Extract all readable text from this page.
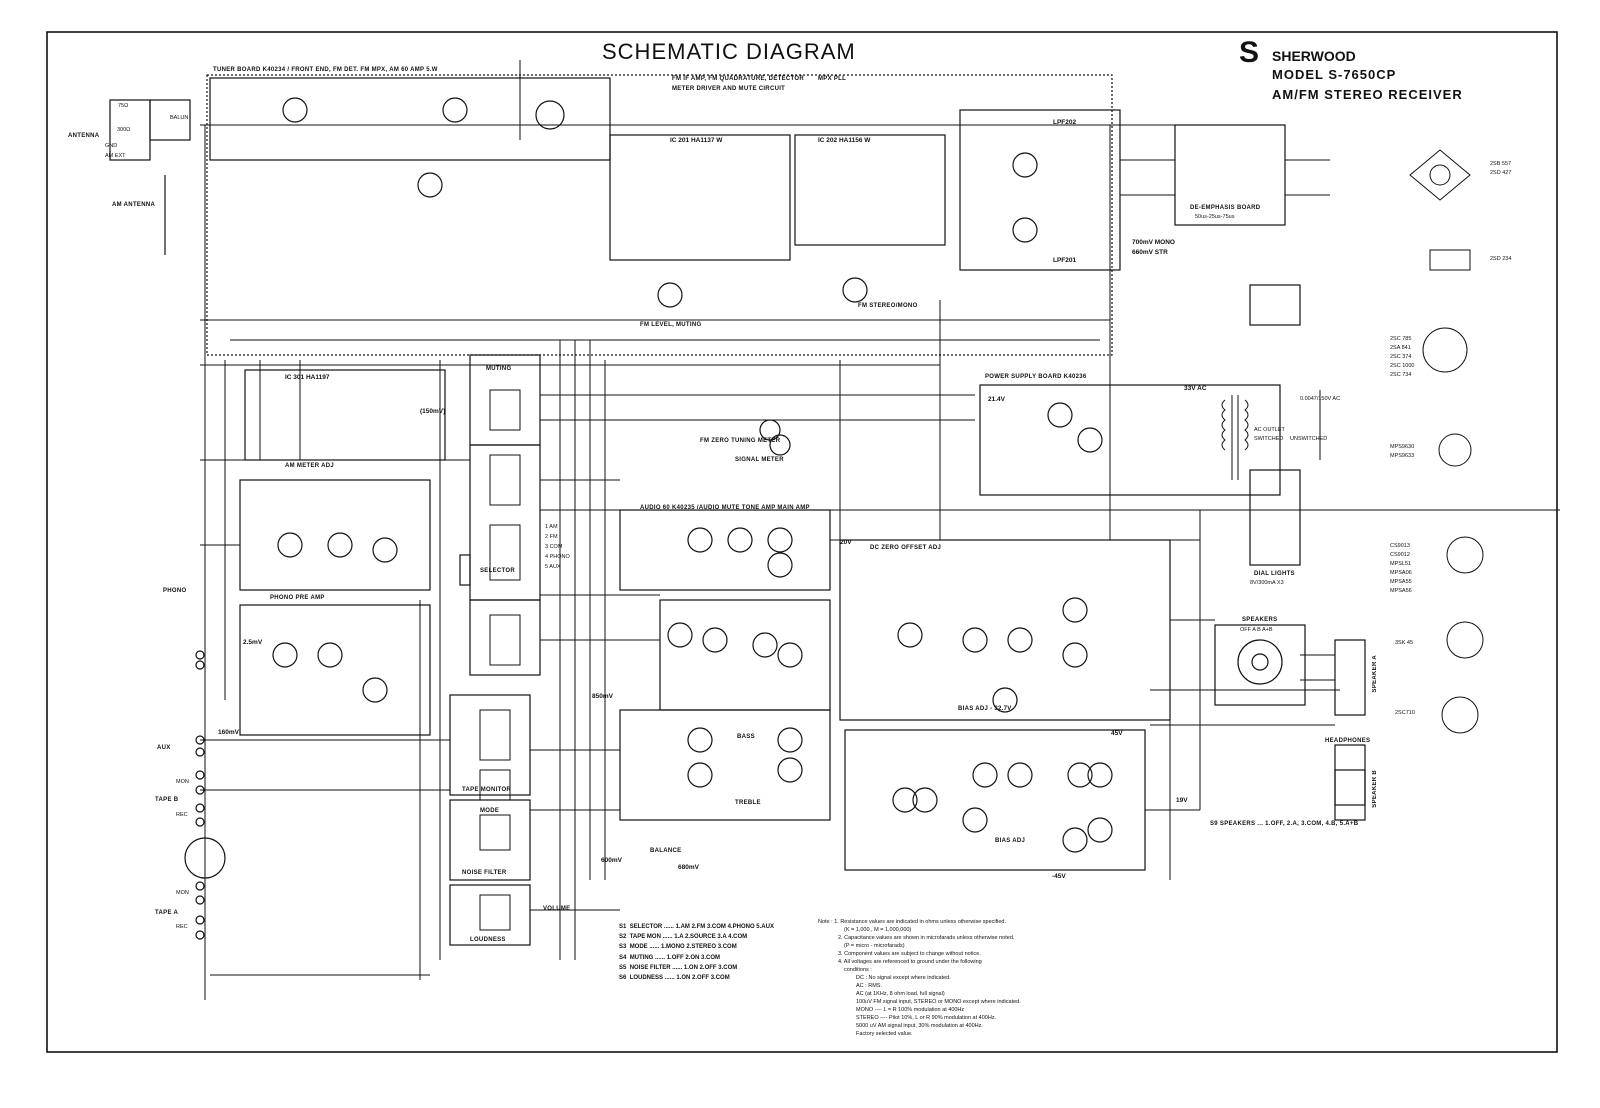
SCHEMATIC DIAGRAM	S SHERWOOD
MODEL S-7650CP
AM/FM STEREO RECEIVER
TUNER BOARD K40234 / FRONT END, FM DET. FM MPX, AM 60 AMP 5.W
FM IF AMP, FM QUADRATURE, DETECTOR
METER DRIVER AND MUTE CIRCUIT
MPX PLL
POWER SUPPLY BOARD K40236
AUDIO 60 K40235 /AUDIO MUTE TONE AMP MAIN AMP
PHONO PRE AMP
DE-EMPHASIS BOARD
50us-25us-75us
LPF202
LPF201
AM METER ADJ
FM LEVEL, MUTING
FM STEREO/MONO
FM ZERO TUNING METER
SIGNAL METER
DC ZERO OFFSET ADJ
BIAS ADJ
BIAS ADJ - 32.7V
DIAL LIGHTS
8V/300mA X3
BASS
TREBLE
BALANCE
VOLUME
IC 201 HA1137 W	IC 202 HA1156 W
IC 301 HA1197
MUTING
SELECTOR
TAPE MONITOR
MODE
NOISE FILTER
LOUDNESS
SPEAKERS
OFF A B A+B
HEADPHONES
SPEAKER A
SPEAKER B
S9 SPEAKERS ... 1.OFF, 2.A, 3.COM, 4.B, 5.A+B
1 AM
2 FM
3 COM
4 PHONO
5 AUX
ANTENNA
AM ANTENNA
75Ω
300Ω
GND
AM EXT
BALUN
PHONO
AUX
TAPE B
TAPE A
MON
REC
MON
REC
0.0047/150V AC
AC OUTLET
SWITCHED UNSWITCHED
33V AC
45V
-45V
20V
19V
21.4V
(150mV)
160mV
850mV
600mV
680mV
700mV MONO
660mV STR
2.5mV
2SB 557
2SD 427
2SD 234
2SC 785
2SA 841
2SC 374
2SC 1000
2SC 734
MPS9630
MPS9633
CS9013
CS9012
MPSL51
MPSA06
MPSA55
MPSA56
3SK 45
2SC710
S1 SELECTOR ...... 1.AM 2.FM 3.COM 4.PHONO 5.AUX
S2 TAPE MON ...... 1.A 2.SOURCE 3.A 4.COM
S3 MODE ...... 1.MONO 2.STEREO 3.COM
S4 MUTING ...... 1.OFF 2.ON 3.COM
S5 NOISE FILTER ...... 1.ON 2.OFF 3.COM
S6 LOUDNESS ...... 1.ON 2.OFF 3.COM
Note : 1. Resistance values are indicated in ohms unless otherwise specified.
(K = 1,000 , M = 1,000,000)
2. Capacitance values are shown in microfarads unless otherwise noted.
(P = micro - microfarads)
3. Component values are subject to change without notice.
4. All voltages are referenced to ground under the following
conditions :
DC : No signal except where indicated.
AC : RMS.
AC (at 1KHz, 8 ohm load, full signal)
100uV FM signal input, STEREO or MONO except where indicated.
MONO ---- L = R 100% modulation at 400Hz
STEREO ---- Pilot 10%, L or R 90% modulation at 400Hz.
5000 uV AM signal input, 30% modulation at 400Hz.
Factory selected value.
